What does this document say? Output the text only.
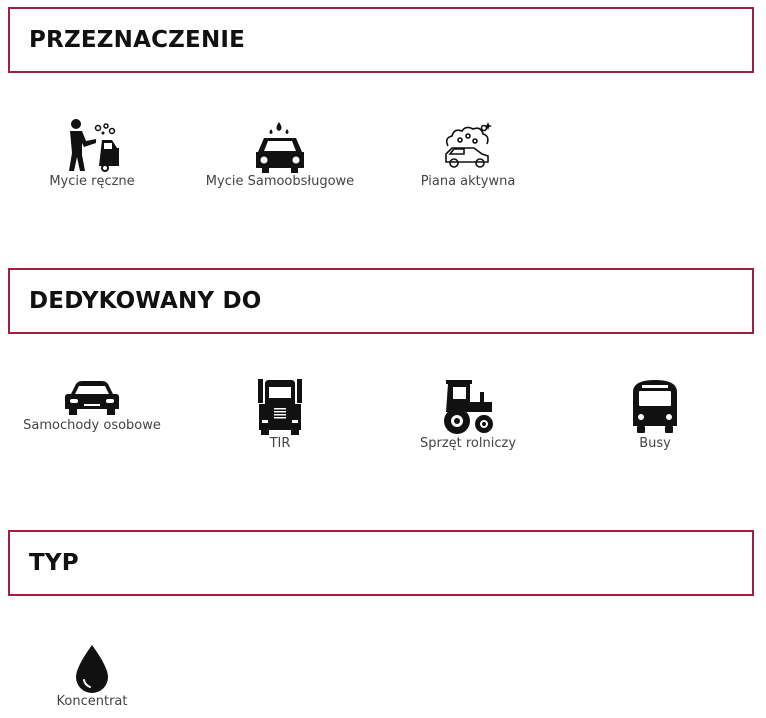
PRZEZNACZENIE
Mycie ręczne	Mycie Samoobsługowe	Piana aktywna
DEDYKOWANY DO
Samochody osobowe
TIR	Sprzęt rolniczy	Busy
TYP
Koncentrat
